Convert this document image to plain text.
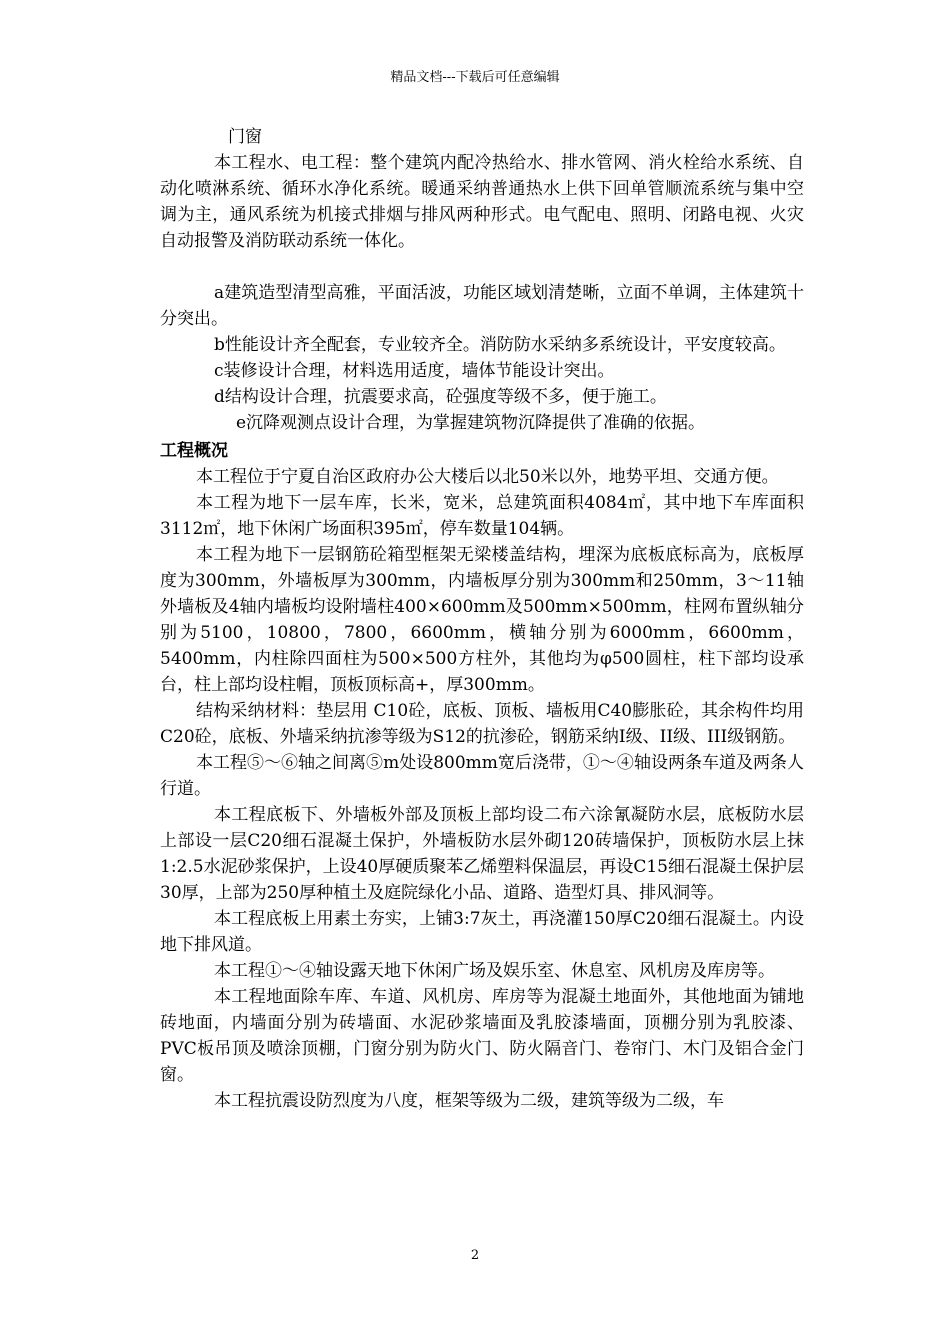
精品文档---下载后可任意编辑

门窗

本工程水、电工程：整个建筑内配冷热给水、排水管网、消火栓给水系统、自动化喷淋系统、循环水净化系统。暖通采纳普通热水上供下回单管顺流系统与集中空调为主，通风系统为机接式排烟与排风两种形式。电气配电、照明、闭路电视、火灾自动报警及消防联动系统一体化。

a建筑造型清型高雅，平面活波，功能区域划清楚晰，立面不单调，主体建筑十分突出。

b性能设计齐全配套，专业较齐全。消防防水采纳多系统设计，平安度较高。

c装修设计合理，材料选用适度，墙体节能设计突出。

d结构设计合理，抗震要求高，砼强度等级不多，便于施工。

e沉降观测点设计合理，为掌握建筑物沉降提供了准确的依据。

工程概况

本工程位于宁夏自治区政府办公大楼后以北50米以外，地势平坦、交通方便。

本工程为地下一层车库，长米，宽米，总建筑面积4084㎡，其中地下车库面积3112㎡，地下休闲广场面积395㎡，停车数量104辆。

本工程为地下一层钢筋砼箱型框架无梁楼盖结构，埋深为底板底标高为，底板厚度为300mm，外墙板厚为300mm，内墙板厚分别为300mm和250mm，3～11轴外墙板及4轴内墙板均设附墙柱400×600mm及500mm×500mm，柱网布置纵轴分别为5100，10800，7800，6600mm，横轴分别为6000mm，6600mm，5400mm，内柱除四面柱为500×500方柱外，其他均为φ500圆柱，柱下部均设承台，柱上部均设柱帽，顶板顶标高+，厚300mm。

结构采纳材料：垫层用 C10砼，底板、顶板、墙板用C40膨胀砼，其余构件均用C20砼，底板、外墙采纳抗渗等级为S12的抗渗砼，钢筋采纳I级、II级、III级钢筋。

本工程⑤～⑥轴之间离⑤m处设800mm宽后浇带，①～④轴设两条车道及两条人行道。

本工程底板下、外墙板外部及顶板上部均设二布六涂氰凝防水层，底板防水层上部设一层C20细石混凝土保护，外墙板防水层外砌120砖墙保护，顶板防水层上抹1:2.5水泥砂浆保护，上设40厚硬质聚苯乙烯塑料保温层，再设C15细石混凝土保护层30厚，上部为250厚种植土及庭院绿化小品、道路、造型灯具、排风洞等。

本工程底板上用素土夯实，上铺3:7灰土，再浇灌150厚C20细石混凝土。内设地下排风道。

本工程①～④轴设露天地下休闲广场及娱乐室、休息室、风机房及库房等。

本工程地面除车库、车道、风机房、库房等为混凝土地面外，其他地面为铺地砖地面，内墙面分别为砖墙面、水泥砂浆墙面及乳胶漆墙面，顶棚分别为乳胶漆、PVC板吊顶及喷涂顶棚，门窗分别为防火门、防火隔音门、卷帘门、木门及铝合金门窗。

本工程抗震设防烈度为八度，框架等级为二级，建筑等级为二级，车

2
